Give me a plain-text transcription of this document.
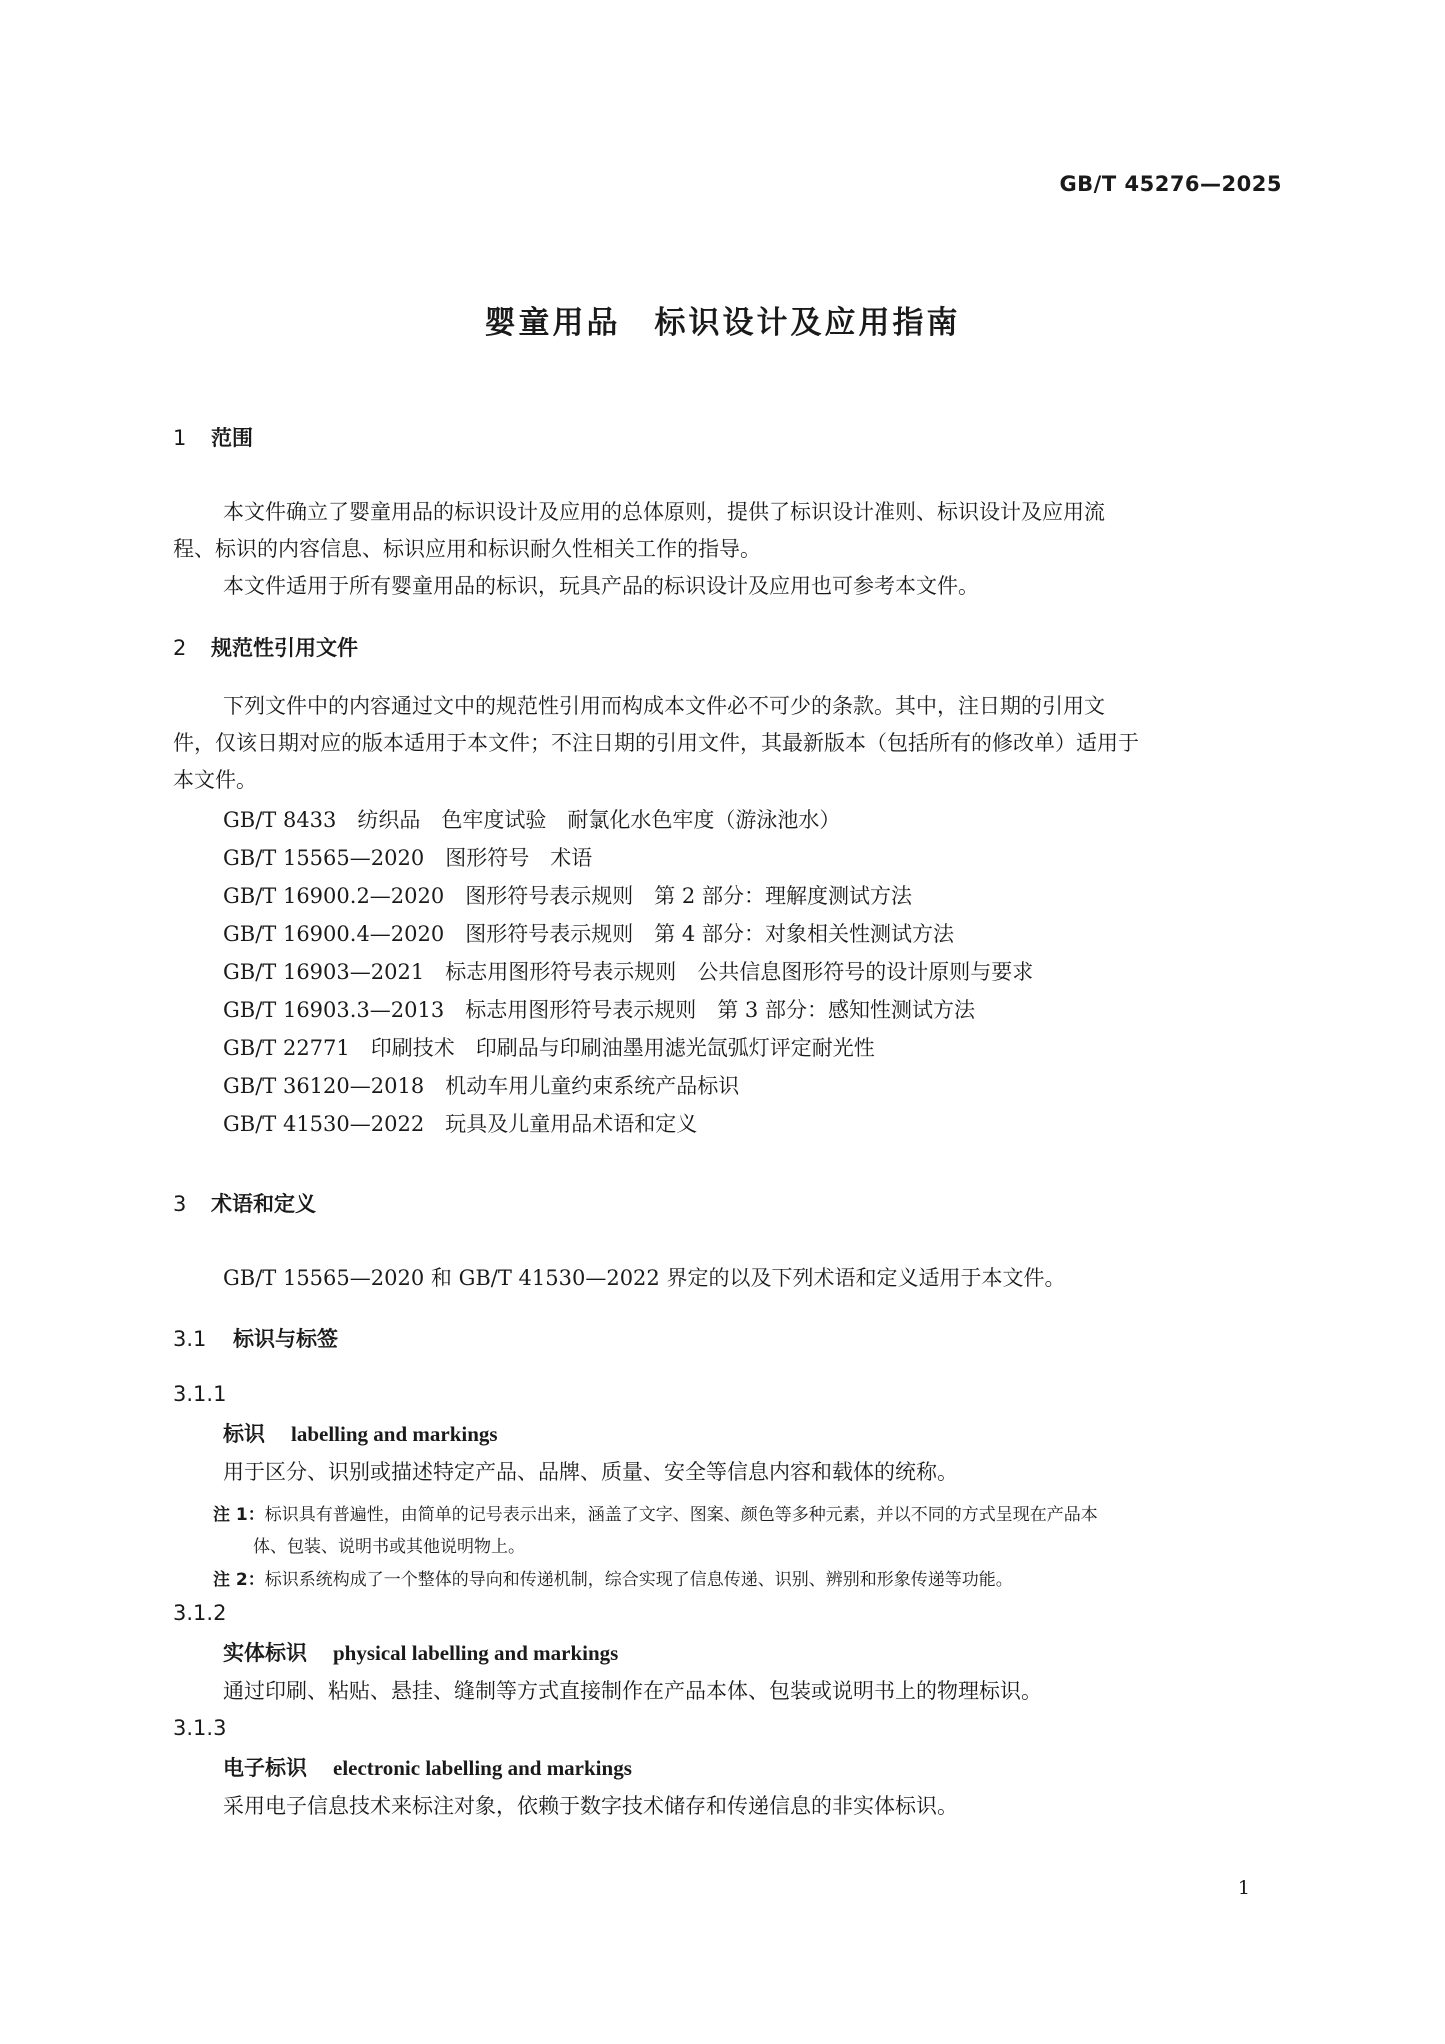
GB/T 45276—2025
婴童用品　标识设计及应用指南
1 范围
本文件确立了婴童用品的标识设计及应用的总体原则，提供了标识设计准则、标识设计及应用流
程、标识的内容信息、标识应用和标识耐久性相关工作的指导。
本文件适用于所有婴童用品的标识，玩具产品的标识设计及应用也可参考本文件。
2 规范性引用文件
下列文件中的内容通过文中的规范性引用而构成本文件必不可少的条款。其中，注日期的引用文
件，仅该日期对应的版本适用于本文件；不注日期的引用文件，其最新版本（包括所有的修改单）适用于
本文件。
GB/T 8433　纺织品　色牢度试验　耐氯化水色牢度（游泳池水）
GB/T 15565—2020　图形符号　术语
GB/T 16900.2—2020　图形符号表示规则　第 2 部分：理解度测试方法
GB/T 16900.4—2020　图形符号表示规则　第 4 部分：对象相关性测试方法
GB/T 16903—2021　标志用图形符号表示规则　公共信息图形符号的设计原则与要求
GB/T 16903.3—2013　标志用图形符号表示规则　第 3 部分：感知性测试方法
GB/T 22771　印刷技术　印刷品与印刷油墨用滤光氙弧灯评定耐光性
GB/T 36120—2018　机动车用儿童约束系统产品标识
GB/T 41530—2022　玩具及儿童用品术语和定义
3 术语和定义
GB/T 15565—2020 和 GB/T 41530—2022 界定的以及下列术语和定义适用于本文件。
3.1 标识与标签
3.1.1
标识 labelling and markings
用于区分、识别或描述特定产品、品牌、质量、安全等信息内容和载体的统称。
注 1：标识具有普遍性，由简单的记号表示出来，涵盖了文字、图案、颜色等多种元素，并以不同的方式呈现在产品本
体、包装、说明书或其他说明物上。
注 2：标识系统构成了一个整体的导向和传递机制，综合实现了信息传递、识别、辨别和形象传递等功能。
3.1.2
实体标识 physical labelling and markings
通过印刷、粘贴、悬挂、缝制等方式直接制作在产品本体、包装或说明书上的物理标识。
3.1.3
电子标识 electronic labelling and markings
采用电子信息技术来标注对象，依赖于数字技术储存和传递信息的非实体标识。
1
